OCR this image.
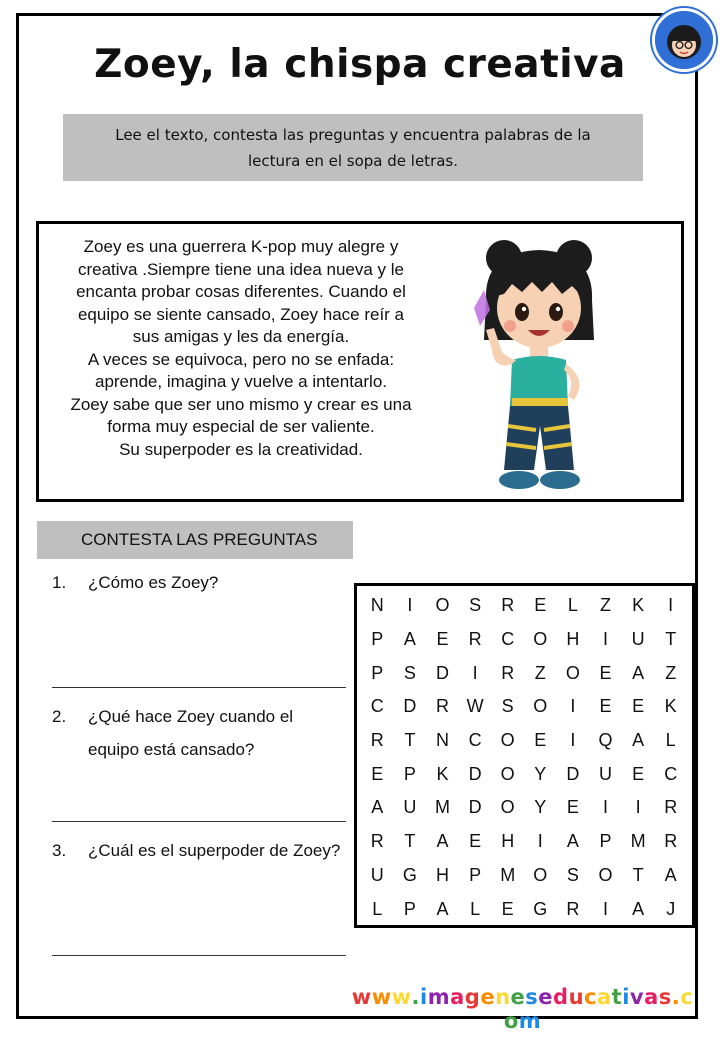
Zoey, la chispa creativa
Lee el texto, contesta las preguntas y encuentra palabras de la
lectura en el sopa de letras.
Zoey es una guerrera K-pop muy alegre y
creativa .Siempre tiene una idea nueva y le
encanta probar cosas diferentes. Cuando el
equipo se siente cansado, Zoey hace reír a
sus amigas y les da energía.
A veces se equivoca, pero no se enfada:
aprende, imagina y vuelve a intentarlo.
Zoey sabe que ser uno mismo y crear es una
forma muy especial de ser valiente.
Su superpoder es la creatividad.
CONTESTA LAS PREGUNTAS
1. ¿Cómo es Zoey?
2. ¿Qué hace Zoey cuando el equipo está cansado?
3. ¿Cuál es el superpoder de Zoey?
N	I	O	S	R	E	L	Z	K	I
P	A	E	R	C	O	H	I	U	T
P	S	D	I	R	Z	O	E	A	Z
C	D	R W	S	O	I	E	E	K
R	T	N	C	O	E	I	Q	A	L
E	P	K	D	O	Y	D	U	E	C
A	U	M	D	O	Y	E	I	I	R
R	T	A	E	H	I	A	P	M	R
U	G	H	P	M	O	S	O	T	A
L	P	A	L	E	G	R	I	A	J
www.imageneseducativas.com
